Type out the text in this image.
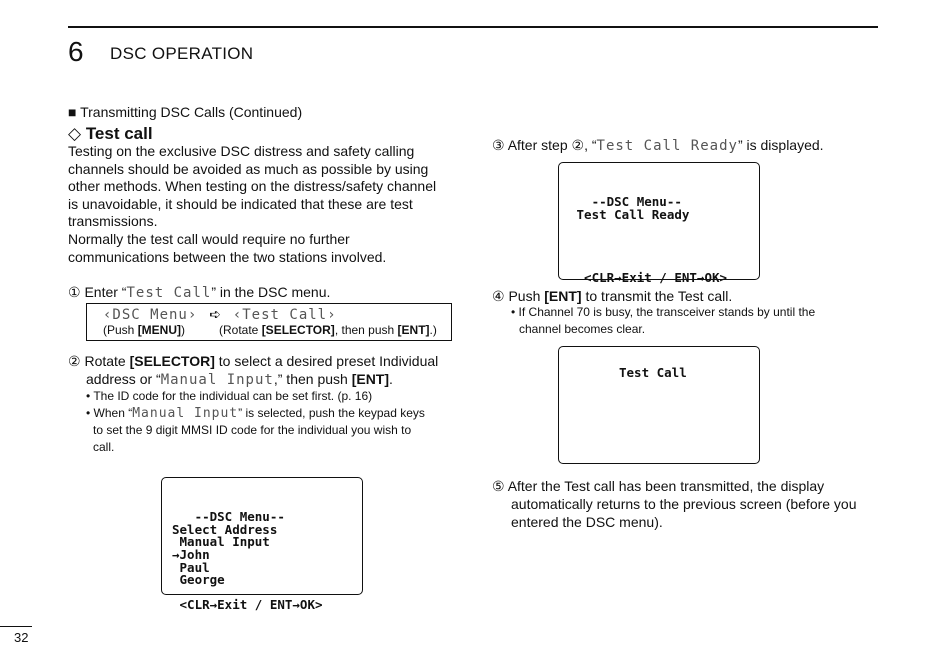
6 DSC OPERATION
■ Transmitting DSC Calls (Continued)
◇ Test call
Testing on the exclusive DSC distress and safety calling
channels should be avoided as much as possible by using
other methods. When testing on the distress/safety channel
is unavoidable, it should be indicated that these are test
transmissions.
Normally the test call would require no further
communications between the two stations involved.
① Enter “Test Call” in the DSC menu.
‹DSC Menu› ➪ ‹Test Call›
(Push [MENU])	(Rotate [SELECTOR], then push [ENT].)
② Rotate [SELECTOR] to select a desired preset Individual
address or “Manual Input,” then push [ENT].
• The ID code for the individual can be set first. (p. 16)
• When “Manual Input” is selected, push the keypad keys
to set the 9 digit MMSI ID code for the individual you wish to
call.

--DSC Menu--
Select Address
Manual Input
→John
Paul
George
<CLR→Exit / ENT→OK>

③ After step ②, “Test Call Ready” is displayed.

--DSC Menu--
Test Call Ready
<CLR→Exit / ENT→OK>

④ Push [ENT] to transmit the Test call.
• If Channel 70 is busy, the transceiver stands by until the
channel becomes clear.
Test Call
⑤ After the Test call has been transmitted, the display
automatically returns to the previous screen (before you
entered the DSC menu).
32
